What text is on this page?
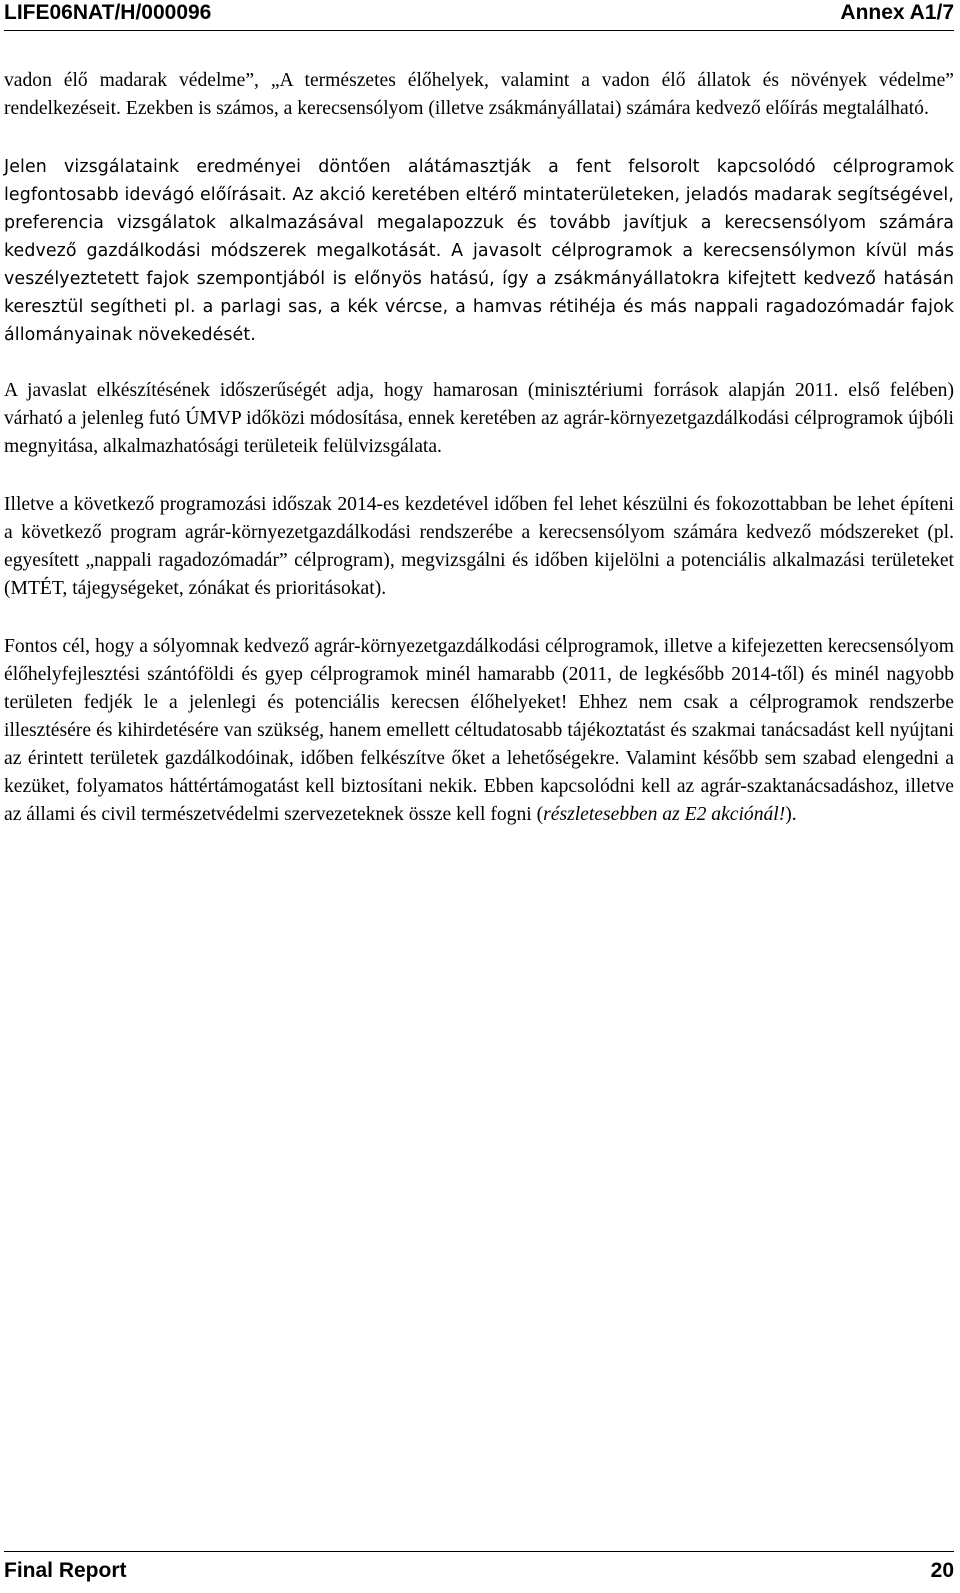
LIFE06NAT/H/000096	Annex A1/7

vadon élő madarak védelme”, „A természetes élőhelyek, valamint a vadon élő állatok és növények védelme” rendelkezéseit. Ezekben is számos, a kerecsensólyom (illetve zsákmányállatai) számára kedvező előírás megtalálható.

Jelen vizsgálataink eredményei döntően alátámasztják a fent felsorolt kapcsolódó célprogramok legfontosabb idevágó előírásait. Az akció keretében eltérő mintaterületeken, jeladós madarak segítségével, preferencia vizsgálatok alkalmazásával megalapozzuk és tovább javítjuk a kerecsensólyom számára kedvező gazdálkodási módszerek megalkotását. A javasolt célprogramok a kerecsensólymon kívül más veszélyeztetett fajok szempontjából is előnyös hatású, így a zsákmányállatokra kifejtett kedvező hatásán keresztül segítheti pl. a parlagi sas, a kék vércse, a hamvas rétihéja és más nappali ragadozómadár fajok állományainak növekedését.

A javaslat elkészítésének időszerűségét adja, hogy hamarosan (minisztériumi források alapján 2011. első felében) várható a jelenleg futó ÚMVP időközi módosítása, ennek keretében az agrár-környezetgazdálkodási célprogramok újbóli megnyitása, alkalmazhatósági területeik felülvizsgálata.

Illetve a következő programozási időszak 2014-es kezdetével időben fel lehet készülni és fokozottabban be lehet építeni a következő program agrár-környezetgazdálkodási rendszerébe a kerecsensólyom számára kedvező módszereket (pl. egyesített „nappali ragadozómadár” célprogram), megvizsgálni és időben kijelölni a potenciális alkalmazási területeket (MTÉT, tájegységeket, zónákat és prioritásokat).

Fontos cél, hogy a sólyomnak kedvező agrár-környezetgazdálkodási célprogramok, illetve a kifejezetten kerecsensólyom élőhelyfejlesztési szántóföldi és gyep célprogramok minél hamarabb (2011, de legkésőbb 2014-től) és minél nagyobb területen fedjék le a jelenlegi és potenciális kerecsen élőhelyeket! Ehhez nem csak a célprogramok rendszerbe illesztésére és kihirdetésére van szükség, hanem emellett céltudatosabb tájékoztatást és szakmai tanácsadást kell nyújtani az érintett területek gazdálkodóinak, időben felkészítve őket a lehetőségekre. Valamint később sem szabad elengedni a kezüket, folyamatos háttértámogatást kell biztosítani nekik. Ebben kapcsolódni kell az agrár-szaktanácsadáshoz, illetve az állami és civil természetvédelmi szervezeteknek össze kell fogni (részletesebben az E2 akciónál!).

Final Report	20
